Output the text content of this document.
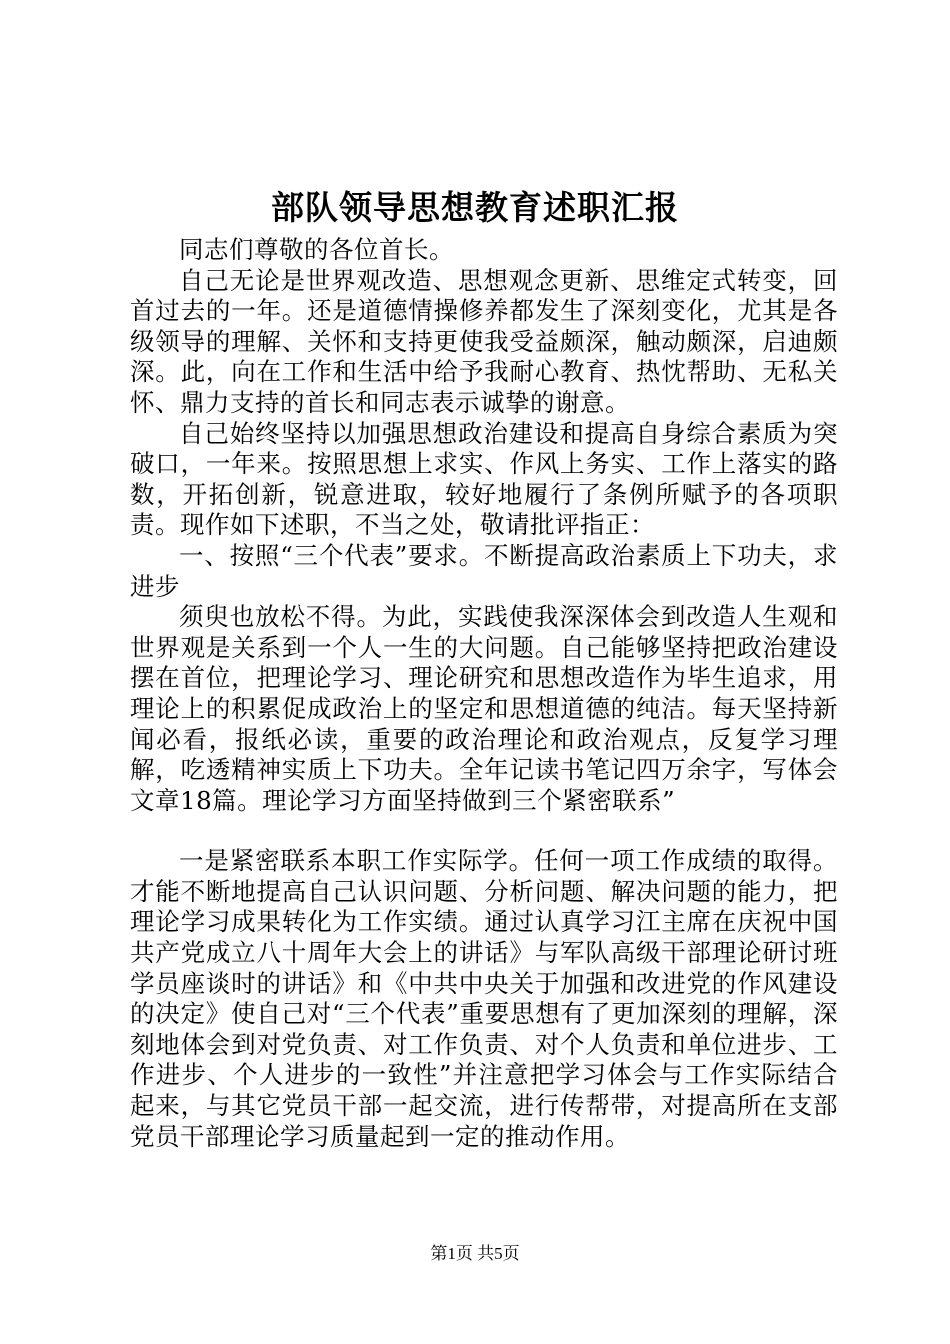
部队领导思想教育述职汇报

同志们尊敬的各位首长。

自己无论是世界观改造、思想观念更新、思维定式转变，回首过去的一年。还是道德情操修养都发生了深刻变化，尤其是各级领导的理解、关怀和支持更使我受益颇深，触动颇深，启迪颇深。此，向在工作和生活中给予我耐心教育、热忱帮助、无私关怀、鼎力支持的首长和同志表示诚挚的谢意。

自己始终坚持以加强思想政治建设和提高自身综合素质为突破口，一年来。按照思想上求实、作风上务实、工作上落实的路数，开拓创新，锐意进取，较好地履行了条例所赋予的各项职责。现作如下述职，不当之处，敬请批评指正：

一、按照“三个代表”要求。不断提高政治素质上下功夫，求进步

须臾也放松不得。为此，实践使我深深体会到改造人生观和世界观是关系到一个人一生的大问题。自己能够坚持把政治建设摆在首位，把理论学习、理论研究和思想改造作为毕生追求，用理论上的积累促成政治上的坚定和思想道德的纯洁。每天坚持新闻必看，报纸必读，重要的政治理论和政治观点，反复学习理解，吃透精神实质上下功夫。全年记读书笔记四万余字，写体会文章18篇。理论学习方面坚持做到三个紧密联系”

一是紧密联系本职工作实际学。任何一项工作成绩的取得。才能不断地提高自己认识问题、分析问题、解决问题的能力，把理论学习成果转化为工作实绩。通过认真学习江主席在庆祝中国共产党成立八十周年大会上的讲话》与军队高级干部理论研讨班学员座谈时的讲话》和《中共中央关于加强和改进党的作风建设的决定》使自己对“三个代表”重要思想有了更加深刻的理解，深刻地体会到对党负责、对工作负责、对个人负责和单位进步、工作进步、个人进步的一致性”并注意把学习体会与工作实际结合起来，与其它党员干部一起交流，进行传帮带，对提高所在支部党员干部理论学习质量起到一定的推动作用。

第1页 共5页
